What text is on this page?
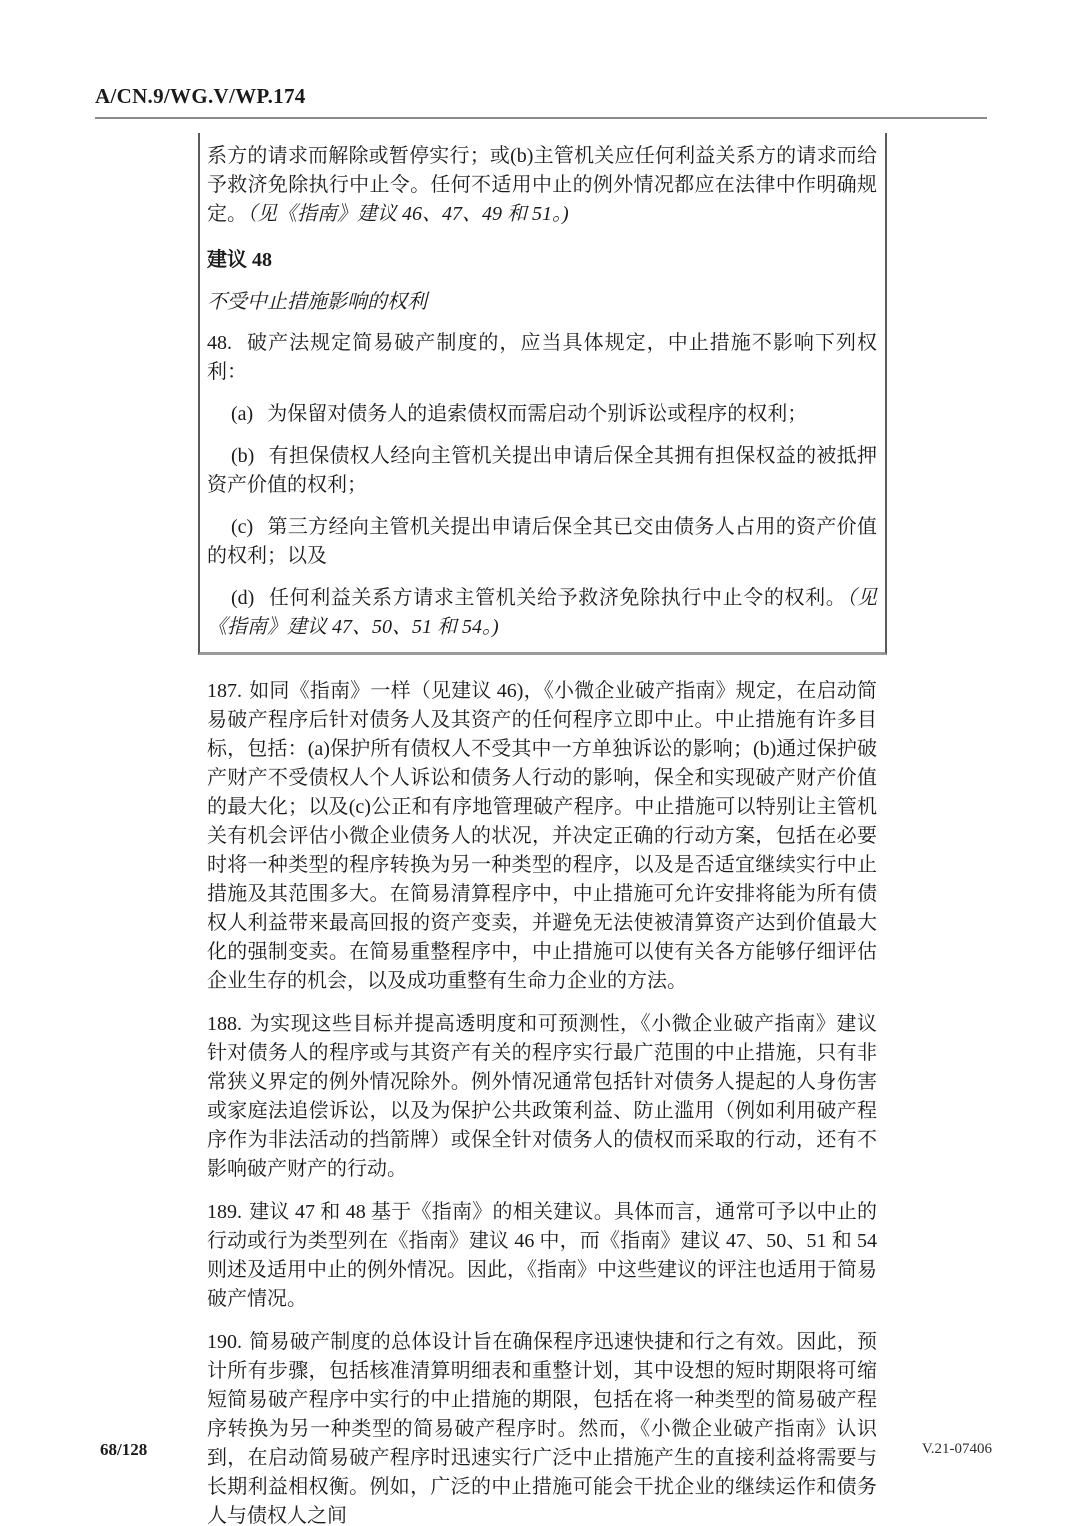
A/CN.9/WG.V/WP.174

系方的请求而解除或暂停实行；或(b)主管机关应任何利益关系方的请求而给予救济免除执行中止令。任何不适用中止的例外情况都应在法律中作明确规定。（见《指南》建议 46、47、49 和 51。)

建议 48

不受中止措施影响的权利

48. 破产法规定简易破产制度的，应当具体规定，中止措施不影响下列权利：

(a) 为保留对债务人的追索债权而需启动个别诉讼或程序的权利；

(b) 有担保债权人经向主管机关提出申请后保全其拥有担保权益的被抵押资产价值的权利；

(c) 第三方经向主管机关提出申请后保全其已交由债务人占用的资产价值的权利；以及

(d) 任何利益关系方请求主管机关给予救济免除执行中止令的权利。（见《指南》建议 47、50、51 和 54。)

187. 如同《指南》一样（见建议 46)，《小微企业破产指南》规定，在启动简易破产程序后针对债务人及其资产的任何程序立即中止。中止措施有许多目标，包括：(a)保护所有债权人不受其中一方单独诉讼的影响；(b)通过保护破产财产不受债权人个人诉讼和债务人行动的影响，保全和实现破产财产价值的最大化；以及(c)公正和有序地管理破产程序。中止措施可以特别让主管机关有机会评估小微企业债务人的状况，并决定正确的行动方案，包括在必要时将一种类型的程序转换为另一种类型的程序，以及是否适宜继续实行中止措施及其范围多大。在简易清算程序中，中止措施可允许安排将能为所有债权人利益带来最高回报的资产变卖，并避免无法使被清算资产达到价值最大化的强制变卖。在简易重整程序中，中止措施可以使有关各方能够仔细评估企业生存的机会，以及成功重整有生命力企业的方法。

188. 为实现这些目标并提高透明度和可预测性，《小微企业破产指南》建议针对债务人的程序或与其资产有关的程序实行最广范围的中止措施，只有非常狭义界定的例外情况除外。例外情况通常包括针对债务人提起的人身伤害或家庭法追偿诉讼，以及为保护公共政策利益、防止滥用（例如利用破产程序作为非法活动的挡箭牌）或保全针对债务人的债权而采取的行动，还有不影响破产财产的行动。

189. 建议 47 和 48 基于《指南》的相关建议。具体而言，通常可予以中止的行动或行为类型列在《指南》建议 46 中，而《指南》建议 47、50、51 和 54 则述及适用中止的例外情况。因此，《指南》中这些建议的评注也适用于简易破产情况。

190. 简易破产制度的总体设计旨在确保程序迅速快捷和行之有效。因此，预计所有步骤，包括核准清算明细表和重整计划，其中设想的短时期限将可缩短简易破产程序中实行的中止措施的期限，包括在将一种类型的简易破产程序转换为另一种类型的简易破产程序时。然而，《小微企业破产指南》认识到，在启动简易破产程序时迅速实行广泛中止措施产生的直接利益将需要与长期利益相权衡。例如，广泛的中止措施可能会干扰企业的继续运作和债务人与债权人之间

68/128	V.21-07406
